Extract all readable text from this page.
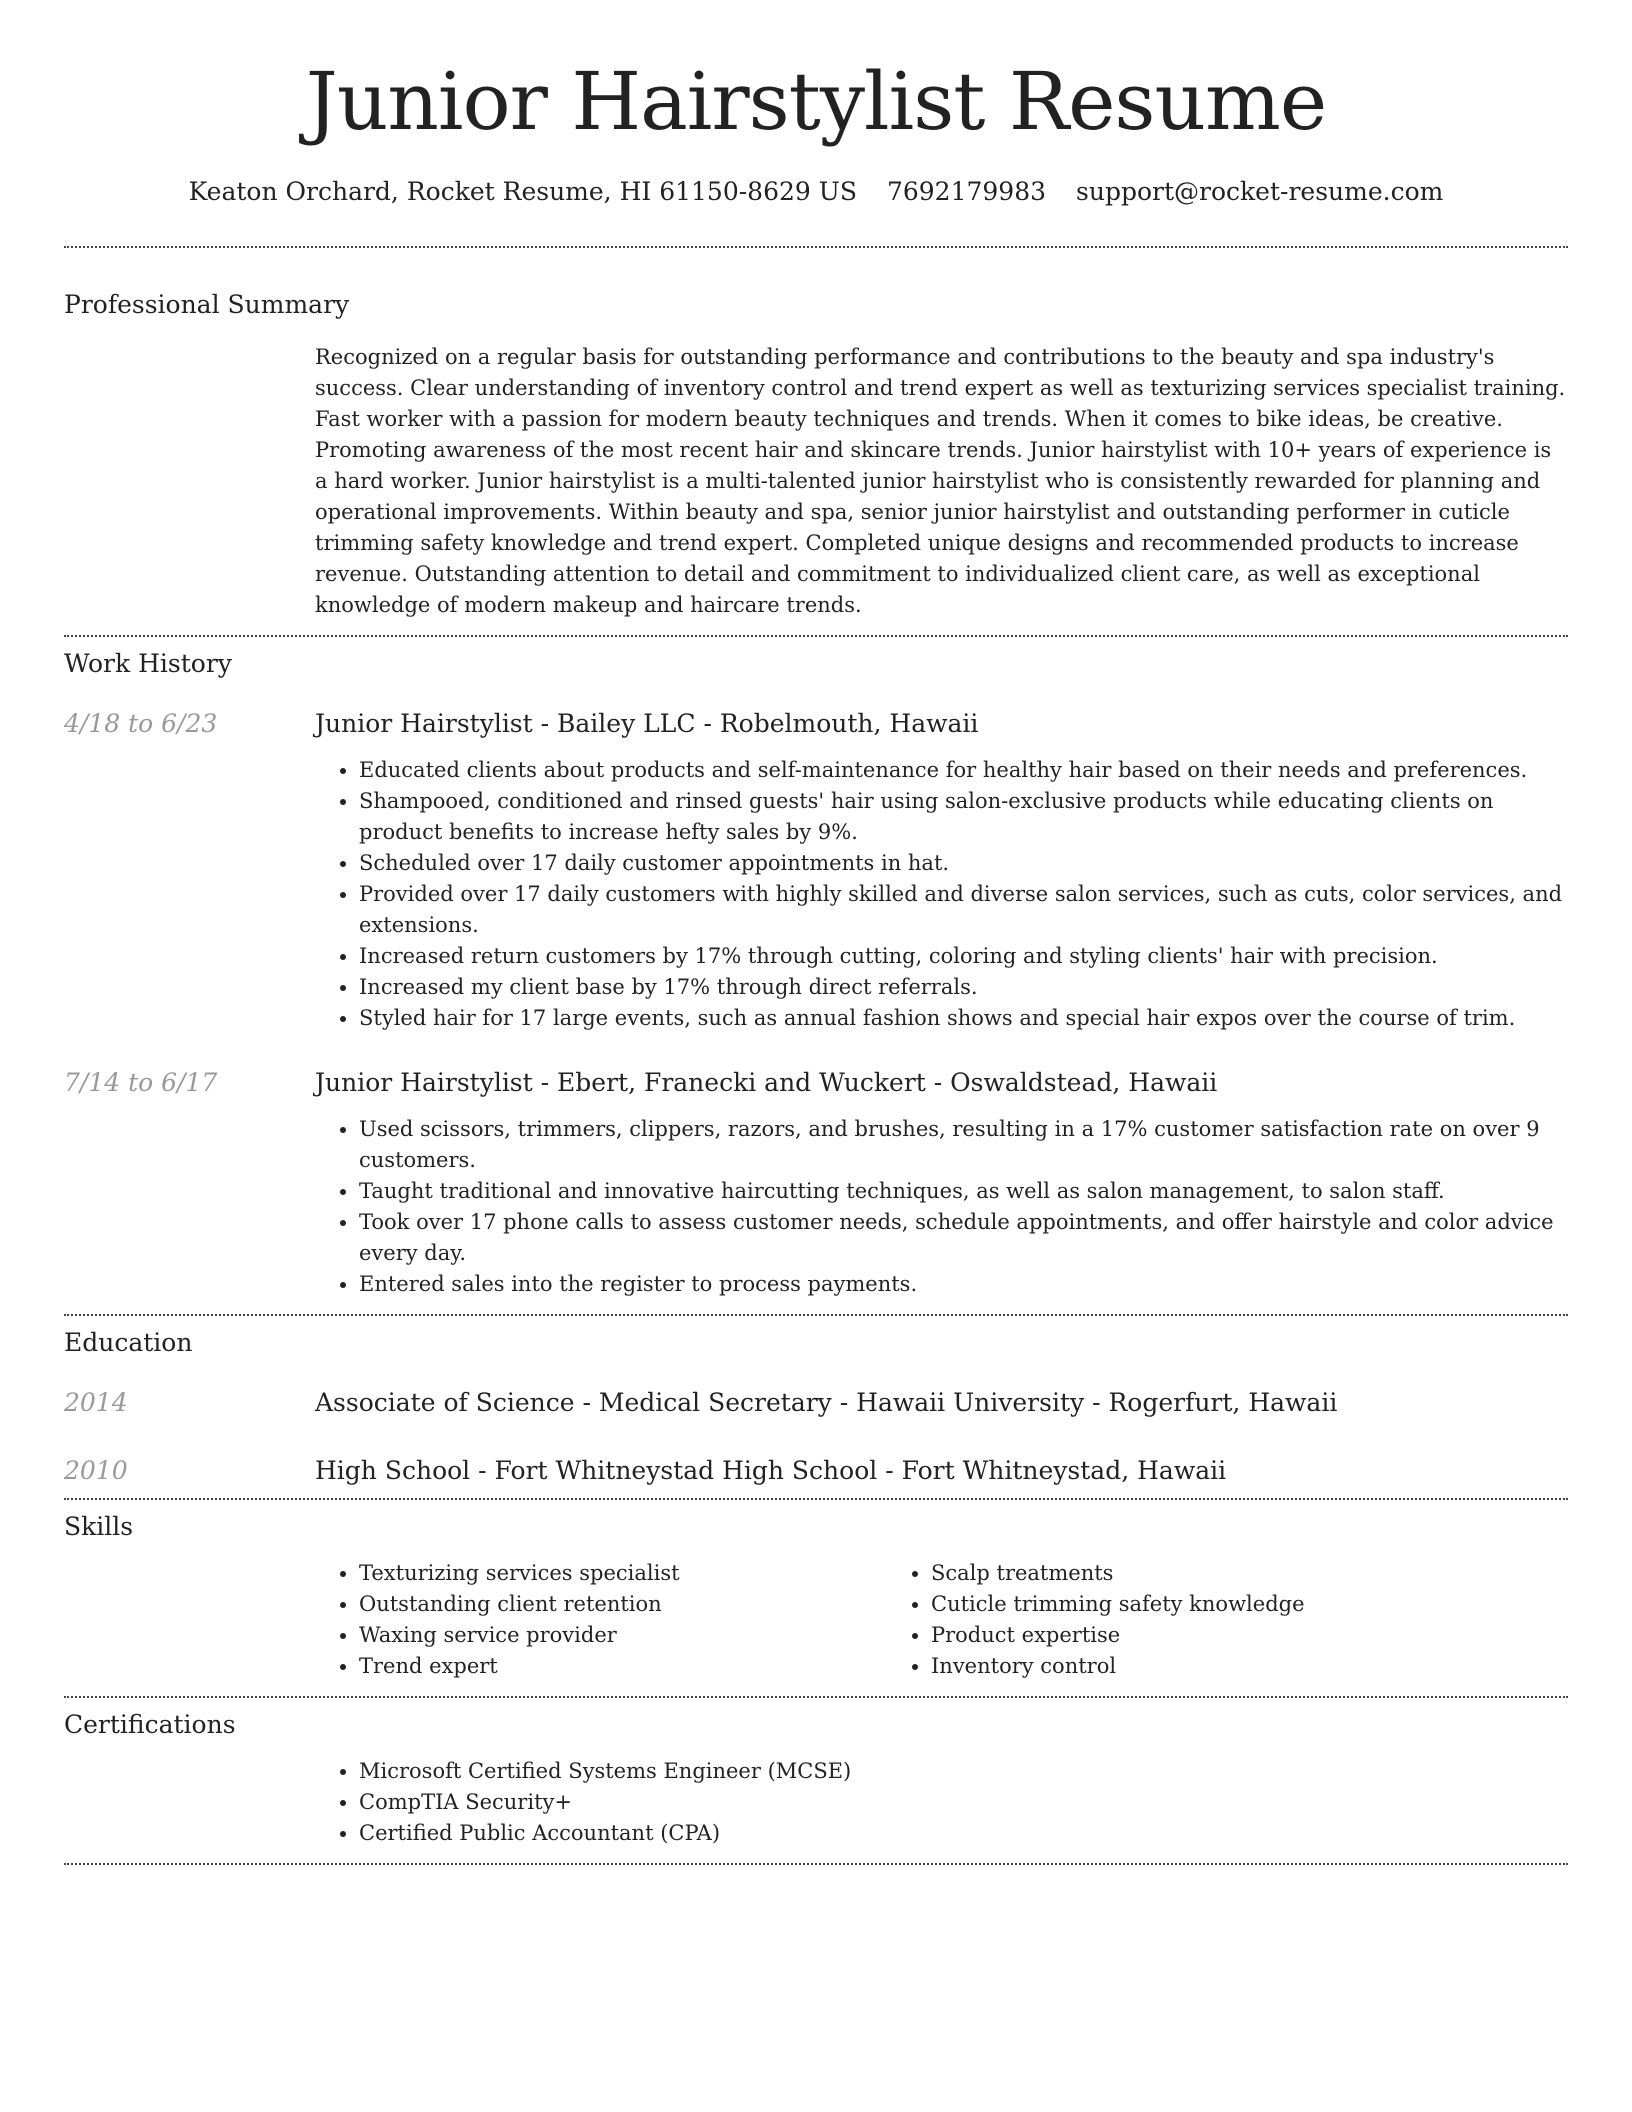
Junior Hairstylist Resume
Keaton Orchard, Rocket Resume, HI 61150-8629 US 7692179983 support@rocket-resume.com
Professional Summary
Recognized on a regular basis for outstanding performance and contributions to the beauty and spa industry's success. Clear understanding of inventory control and trend expert as well as texturizing services specialist training. Fast worker with a passion for modern beauty techniques and trends. When it comes to bike ideas, be creative. Promoting awareness of the most recent hair and skincare trends. Junior hairstylist with 10+ years of experience is a hard worker. Junior hairstylist is a multi-talented junior hairstylist who is consistently rewarded for planning and operational improvements. Within beauty and spa, senior junior hairstylist and outstanding performer in cuticle trimming safety knowledge and trend expert. Completed unique designs and recommended products to increase revenue. Outstanding attention to detail and commitment to individualized client care, as well as exceptional knowledge of modern makeup and haircare trends.
Work History
4/18 to 6/23	Junior Hairstylist - Bailey LLC - Robelmouth, Hawaii
• Educated clients about products and self-maintenance for healthy hair based on their needs and preferences.
• Shampooed, conditioned and rinsed guests' hair using salon-exclusive products while educating clients on product benefits to increase hefty sales by 9%.
• Scheduled over 17 daily customer appointments in hat.
• Provided over 17 daily customers with highly skilled and diverse salon services, such as cuts, color services, and extensions.
• Increased return customers by 17% through cutting, coloring and styling clients' hair with precision.
• Increased my client base by 17% through direct referrals.
• Styled hair for 17 large events, such as annual fashion shows and special hair expos over the course of trim.
7/14 to 6/17	Junior Hairstylist - Ebert, Franecki and Wuckert - Oswaldstead, Hawaii
• Used scissors, trimmers, clippers, razors, and brushes, resulting in a 17% customer satisfaction rate on over 9 customers.
• Taught traditional and innovative haircutting techniques, as well as salon management, to salon staff.
• Took over 17 phone calls to assess customer needs, schedule appointments, and offer hairstyle and color advice every day.
• Entered sales into the register to process payments.
Education
2014	Associate of Science - Medical Secretary - Hawaii University - Rogerfurt, Hawaii
2010	High School - Fort Whitneystad High School - Fort Whitneystad, Hawaii
Skills
• Texturizing services specialist
• Outstanding client retention
• Waxing service provider
• Trend expert
• Scalp treatments
• Cuticle trimming safety knowledge
• Product expertise
• Inventory control
Certifications
• Microsoft Certified Systems Engineer (MCSE)
• CompTIA Security+
• Certified Public Accountant (CPA)
